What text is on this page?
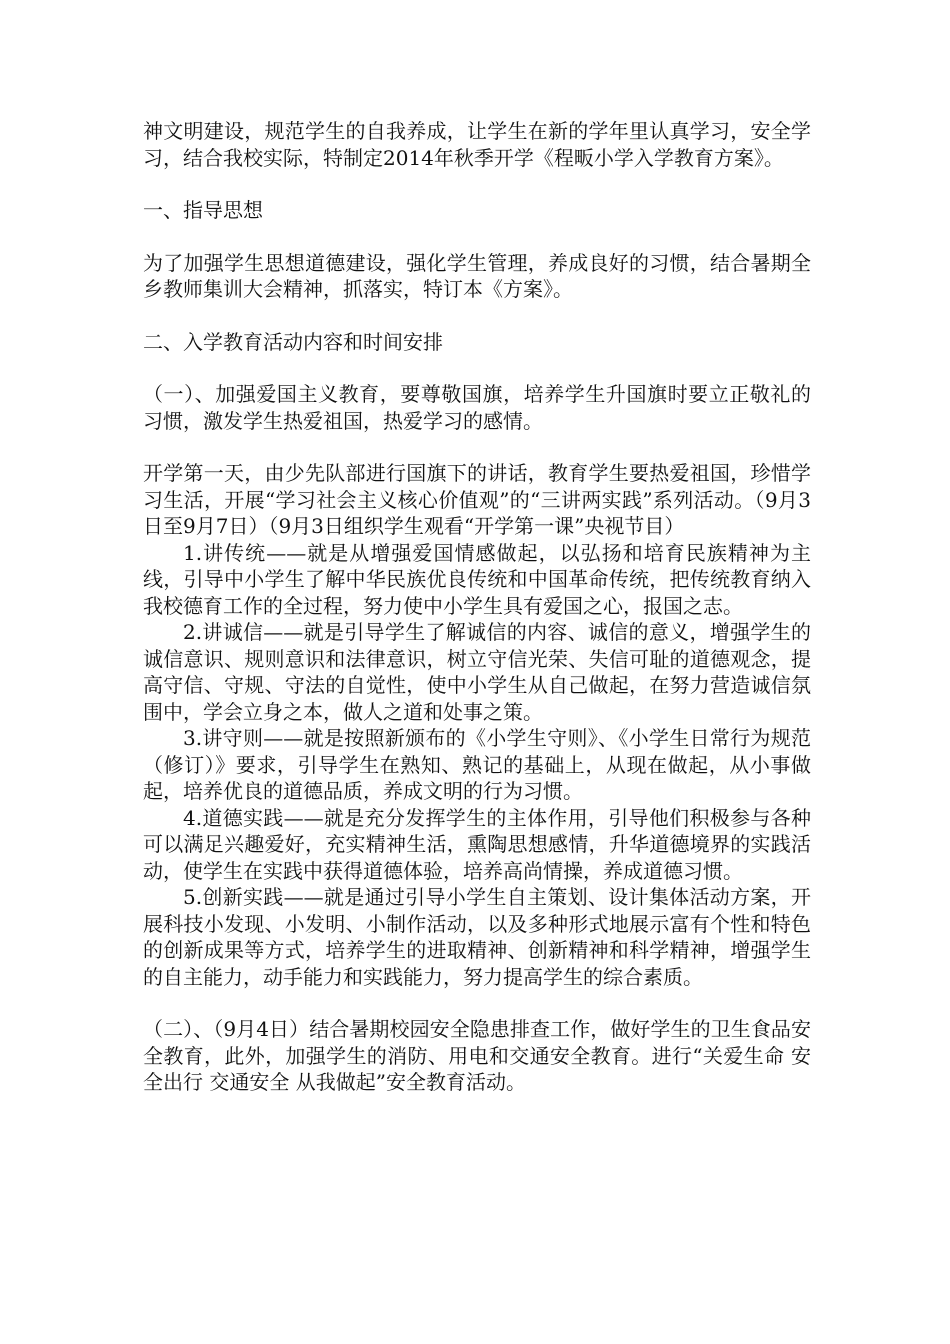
神文明建设，规范学生的自我养成，让学生在新的学年里认真学习，安全学习，结合我校实际，特制定2014年秋季开学《程畈小学入学教育方案》。

一、指导思想

为了加强学生思想道德建设，强化学生管理，养成良好的习惯，结合暑期全乡教师集训大会精神，抓落实，特订本《方案》。

二、入学教育活动内容和时间安排

（一）、加强爱国主义教育，要尊敬国旗，培养学生升国旗时要立正敬礼的习惯，激发学生热爱祖国，热爱学习的感情。

开学第一天，由少先队部进行国旗下的讲话，教育学生要热爱祖国，珍惜学习生活，开展“学习社会主义核心价值观”的“三讲两实践”系列活动。（9月3日至9月7日）（9月3日组织学生观看“开学第一课”央视节目）

1.讲传统——就是从增强爱国情感做起，以弘扬和培育民族精神为主线，引导中小学生了解中华民族优良传统和中国革命传统，把传统教育纳入我校德育工作的全过程，努力使中小学生具有爱国之心，报国之志。

2.讲诚信——就是引导学生了解诚信的内容、诚信的意义，增强学生的诚信意识、规则意识和法律意识，树立守信光荣、失信可耻的道德观念，提高守信、守规、守法的自觉性，使中小学生从自己做起，在努力营造诚信氛围中，学会立身之本，做人之道和处事之策。

3.讲守则——就是按照新颁布的《小学生守则》、《小学生日常行为规范（修订）》要求，引导学生在熟知、熟记的基础上，从现在做起，从小事做起，培养优良的道德品质，养成文明的行为习惯。

4.道德实践——就是充分发挥学生的主体作用，引导他们积极参与各种可以满足兴趣爱好，充实精神生活，熏陶思想感情，升华道德境界的实践活动，使学生在实践中获得道德体验，培养高尚情操，养成道德习惯。

5.创新实践——就是通过引导小学生自主策划、设计集体活动方案，开展科技小发现、小发明、小制作活动，以及多种形式地展示富有个性和特色的创新成果等方式，培养学生的进取精神、创新精神和科学精神，增强学生的自主能力，动手能力和实践能力，努力提高学生的综合素质。

（二）、（9月4日）结合暑期校园安全隐患排查工作，做好学生的卫生食品安全教育，此外，加强学生的消防、用电和交通安全教育。进行“关爱生命 安全出行 交通安全 从我做起”安全教育活动。
